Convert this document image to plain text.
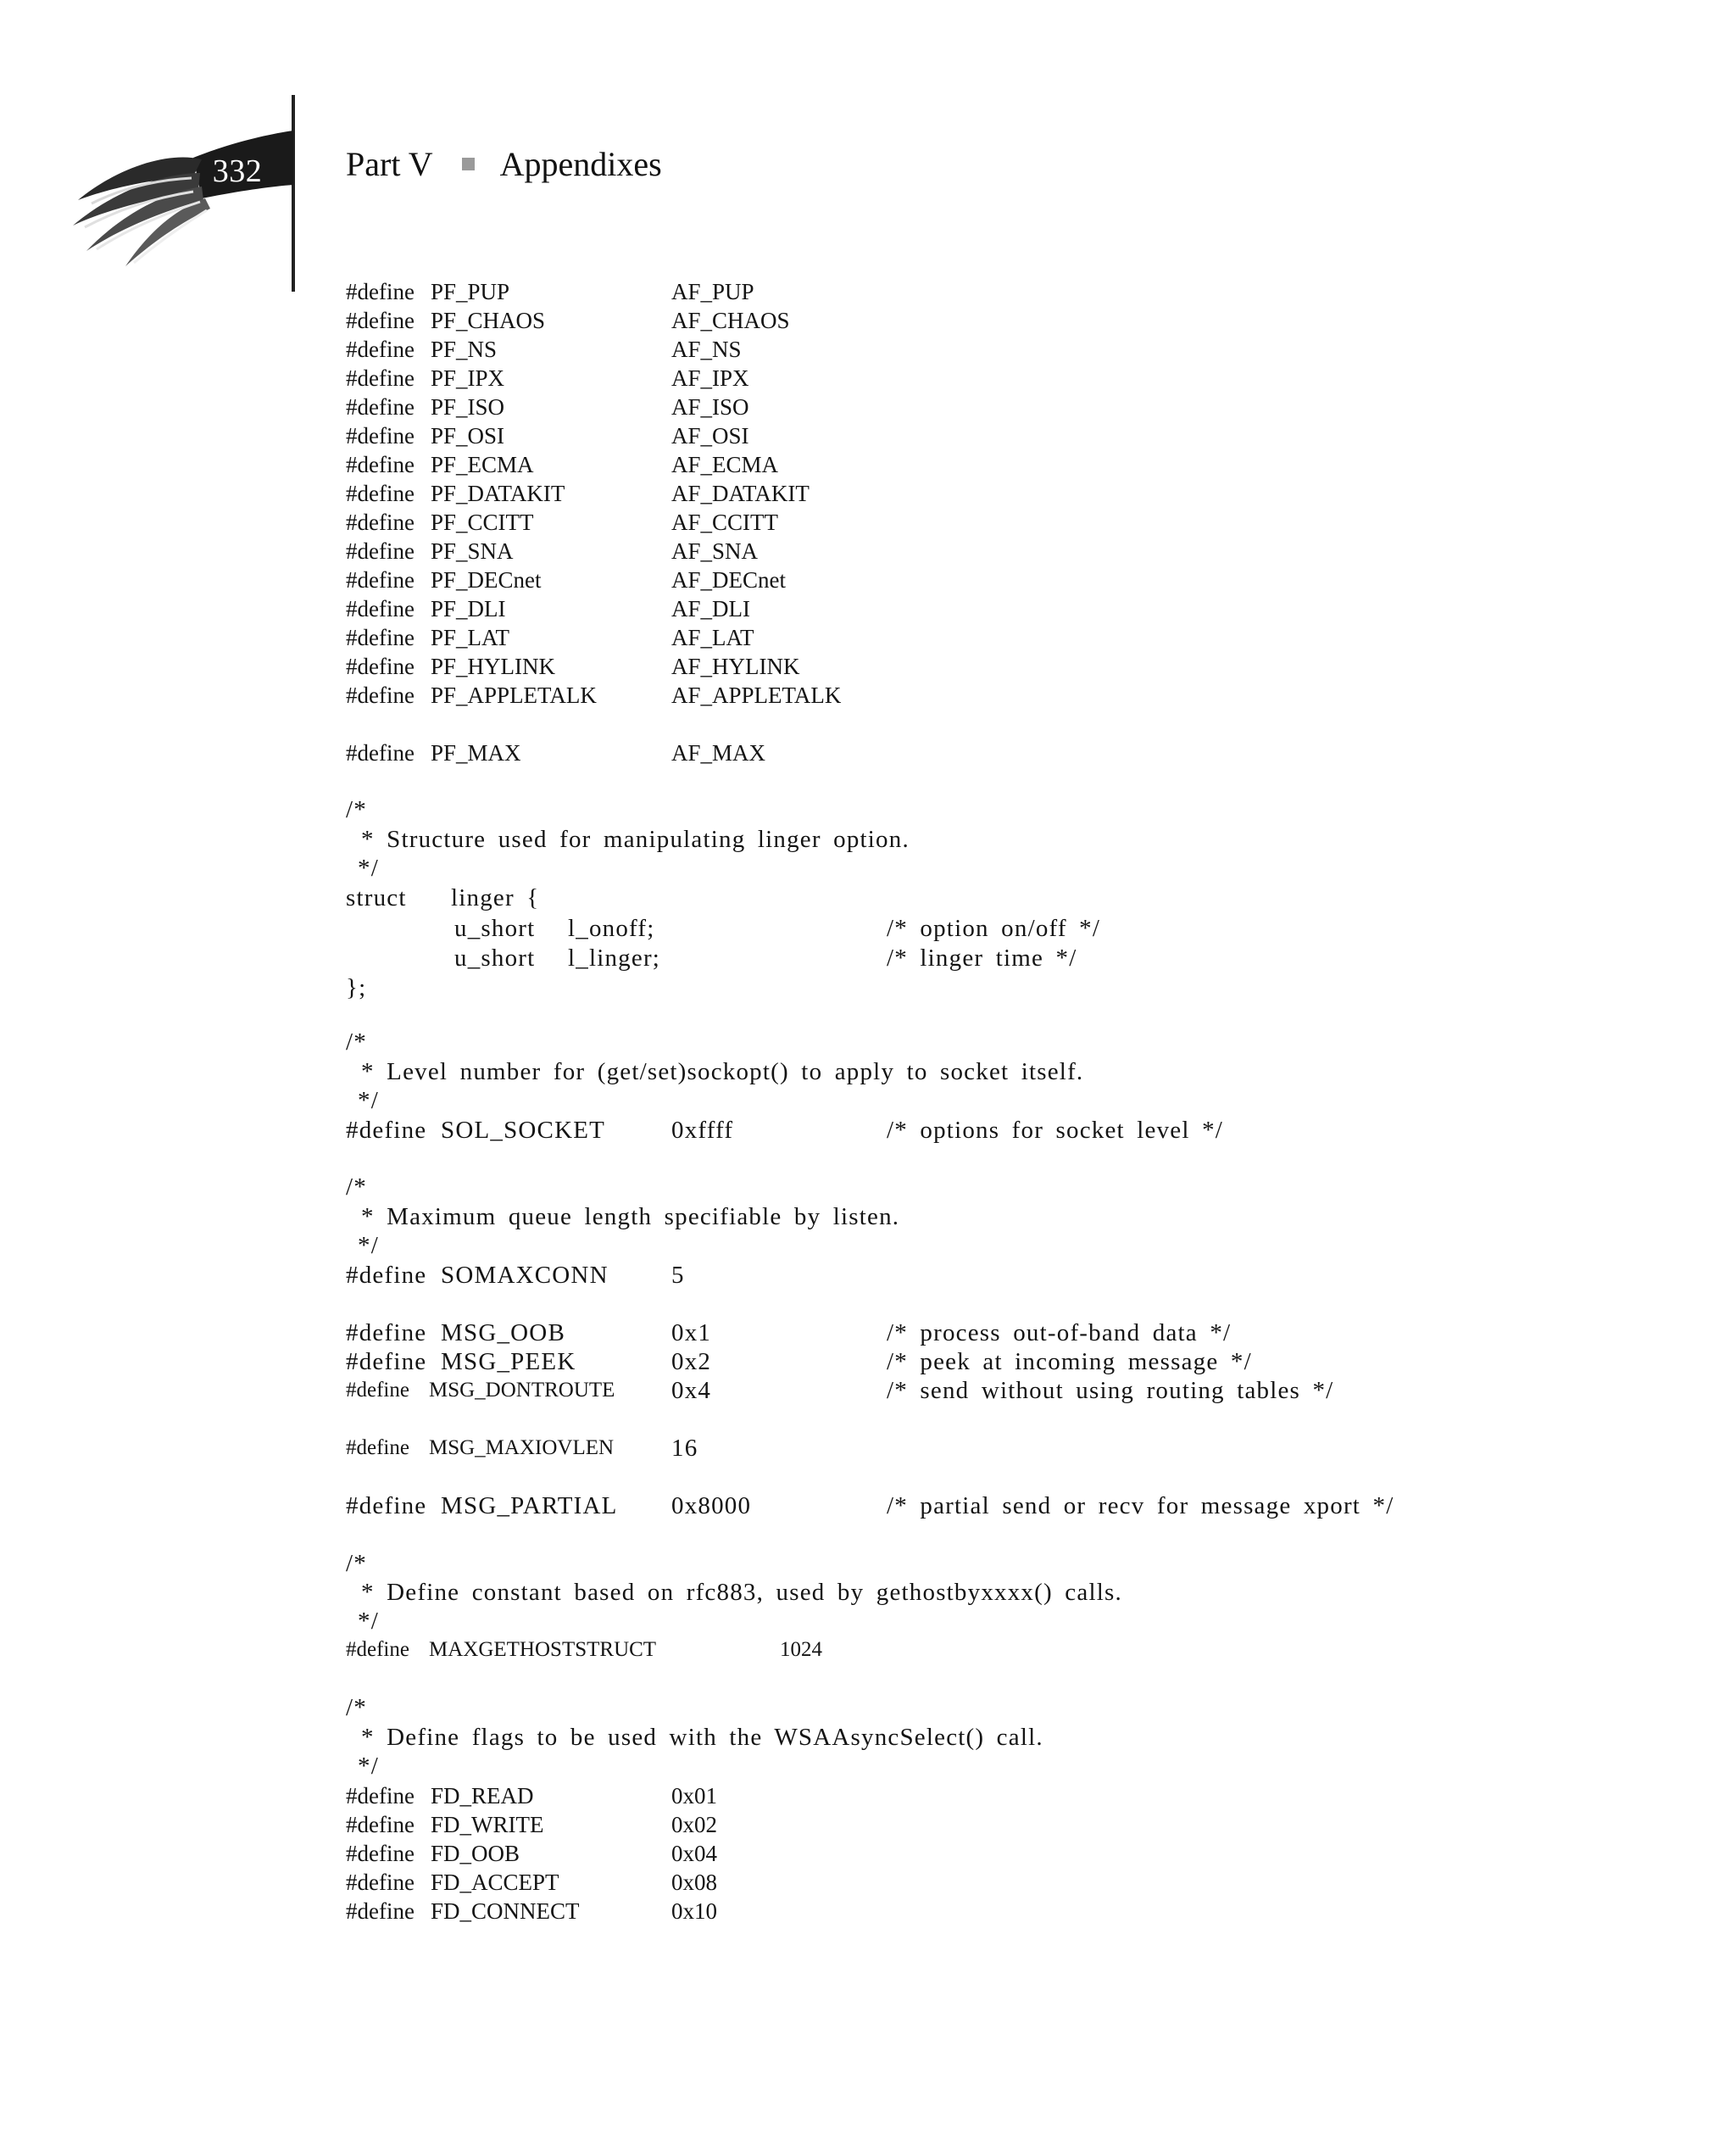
332 Part V Appendixes
#define PF_PUP	AF_PUP
#define PF_CHAOS	AF_CHAOS
#define PF_NS	AF_NS
#define PF_IPX	AF_IPX
#define PF_ISO	AF_ISO
#define PF_OSI	AF_OSI
#define PF_ECMA	AF_ECMA
#define PF_DATAKIT	AF_DATAKIT
#define PF_CCITT	AF_CCITT
#define PF_SNA	AF_SNA
#define PF_DECnet	AF_DECnet
#define PF_DLI	AF_DLI
#define PF_LAT	AF_LAT
#define PF_HYLINK	AF_HYLINK
#define PF_APPLETALK	AF_APPLETALK
#define PF_MAX	AF_MAX
/*
* Structure used for manipulating linger option.
*/
struct linger {
u_short l_onoff;	/* option on/off */
u_short l_linger;	/* linger time */
};
/*
* Level number for (get/set)sockopt() to apply to socket itself.
*/
#define SOL_SOCKET	0xffff	/* options for socket level */
/*
* Maximum queue length specifiable by listen.
*/
#define SOMAXCONN	5
#define MSG_OOB	0x1	/* process out-of-band data */
#define MSG_PEEK	0x2	/* peek at incoming message */
#define MSG_DONTROUTE 0x4	/* send without using routing tables */
#define MSG_MAXIOVLEN 16
#define MSG_PARTIAL 0x8000	/* partial send or recv for message xport */
/*
* Define constant based on rfc883, used by gethostbyxxxx() calls.
*/
#define MAXGETHOSTSTRUCT	1024
/*
* Define flags to be used with the WSAAsyncSelect() call.
*/
#define FD_READ	0x01
#define FD_WRITE	0x02
#define FD_OOB	0x04
#define FD_ACCEPT	0x08
#define FD_CONNECT	0x10
